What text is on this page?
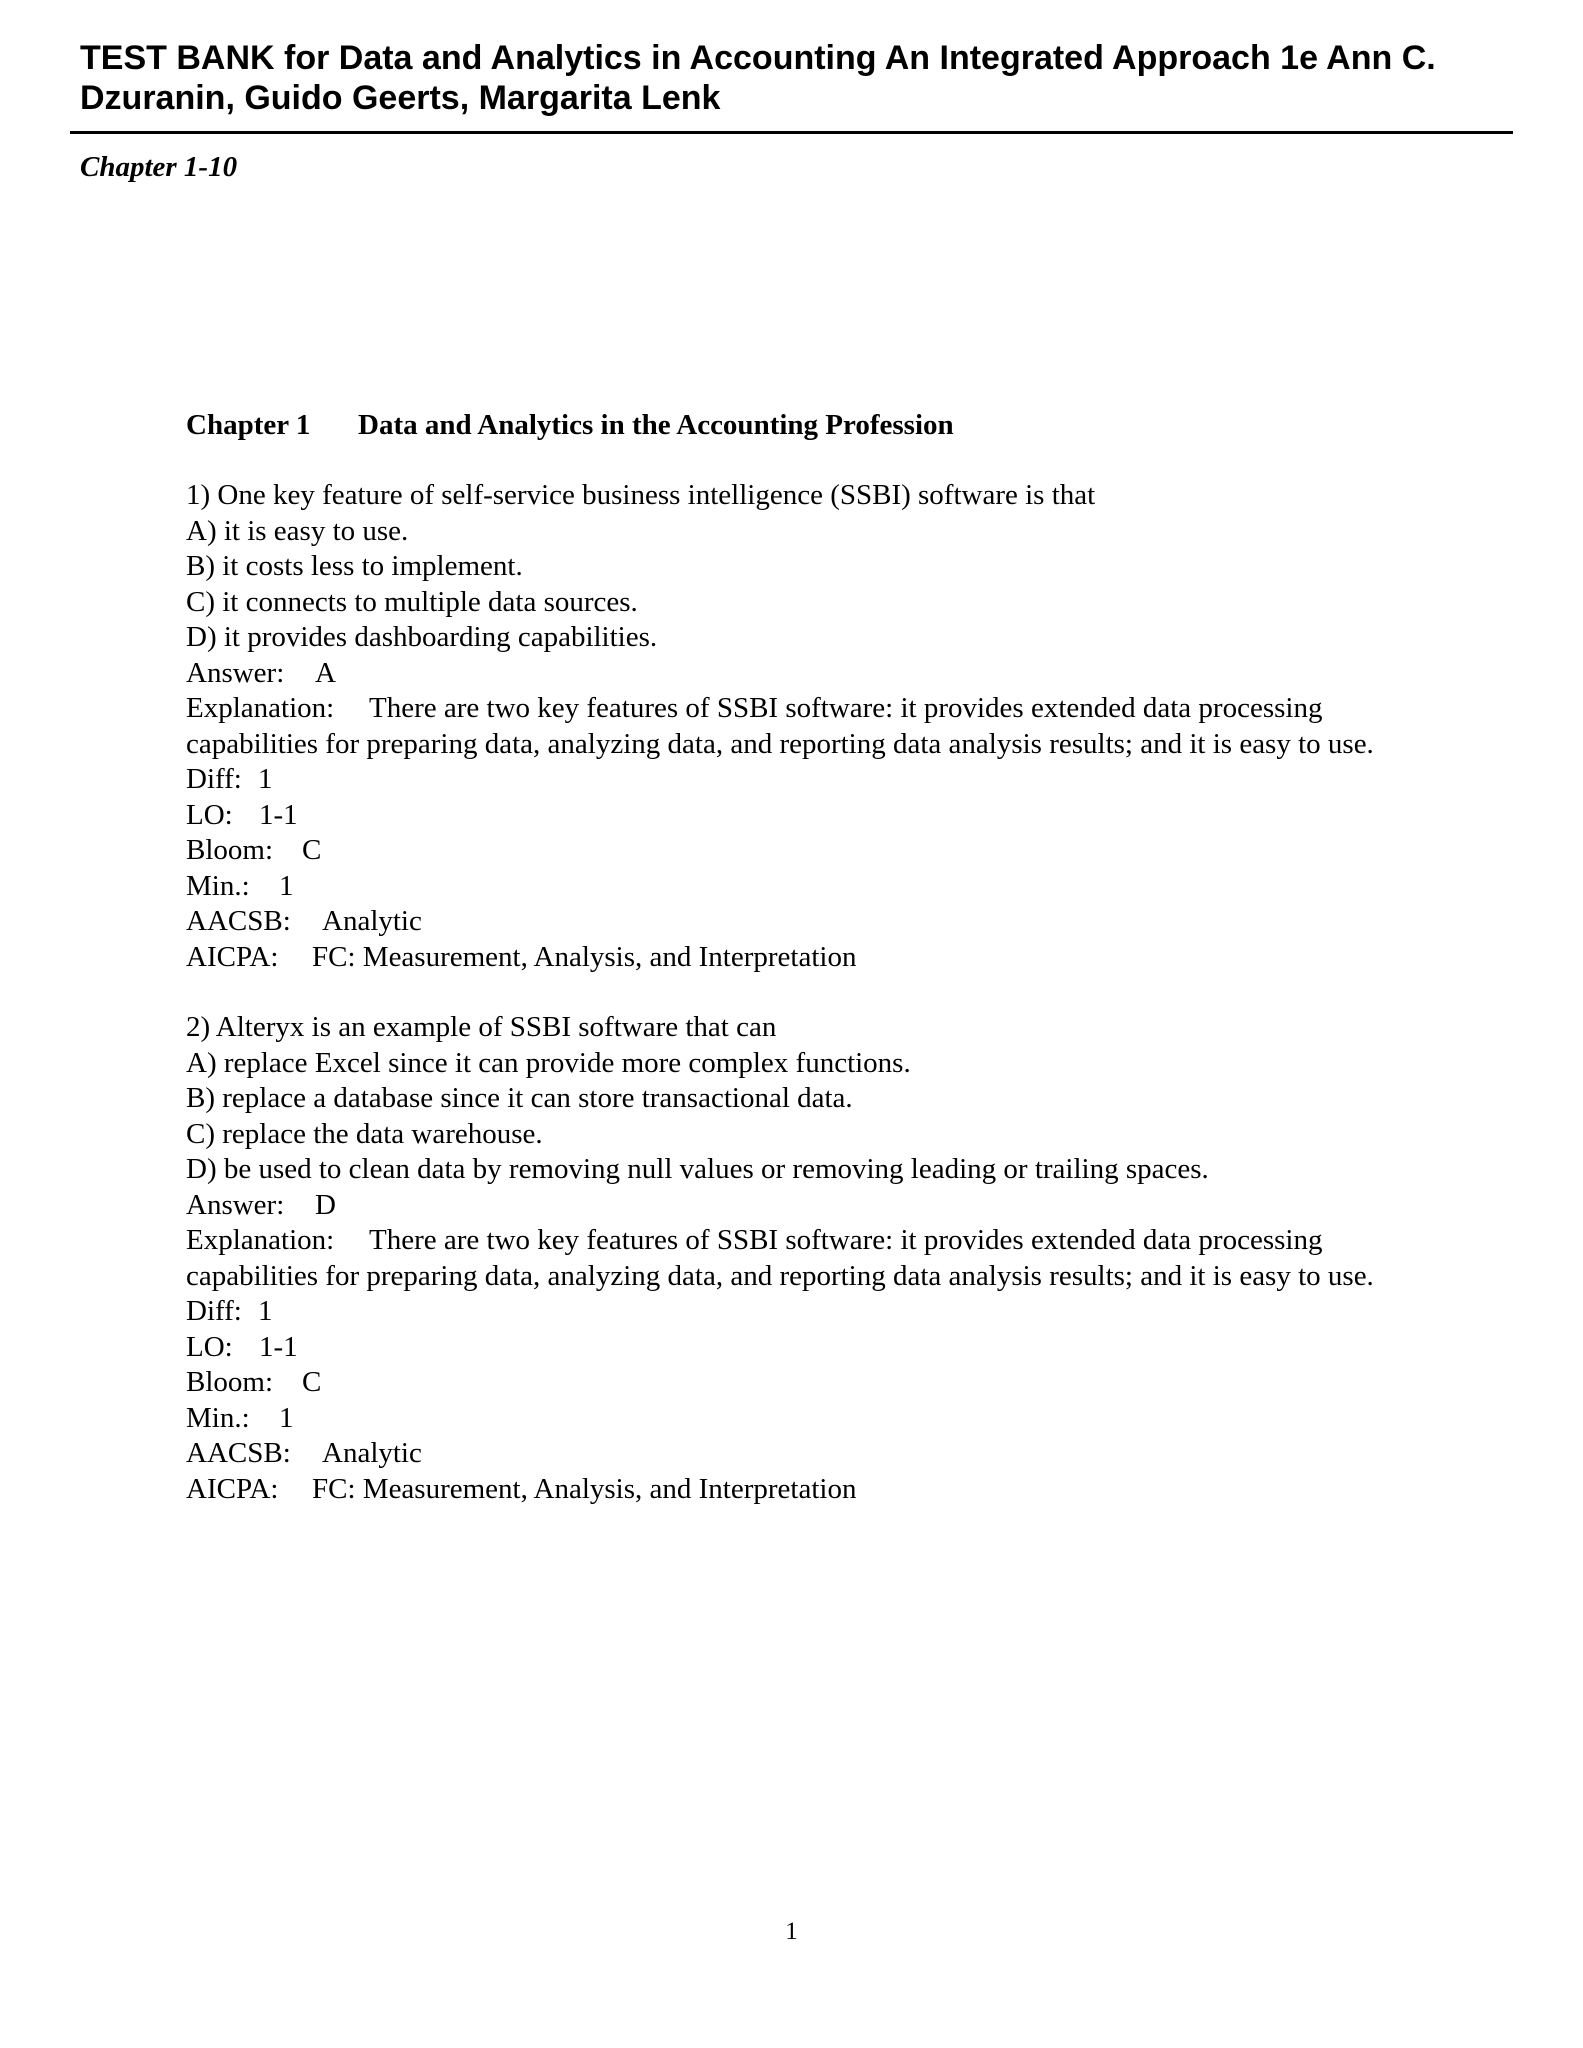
TEST BANK for Data and Analytics in Accounting An Integrated Approach 1e Ann C. Dzuranin, Guido Geerts, Margarita Lenk
Chapter 1-10
Chapter 1 Data and Analytics in the Accounting Profession
1) One key feature of self-service business intelligence (SSBI) software is that
A) it is easy to use.
B) it costs less to implement.
C) it connects to multiple data sources.
D) it provides dashboarding capabilities.
Answer: A
Explanation: There are two key features of SSBI software: it provides extended data processing capabilities for preparing data, analyzing data, and reporting data analysis results; and it is easy to use.
Diff: 1
LO: 1-1
Bloom: C
Min.: 1
AACSB: Analytic
AICPA: FC: Measurement, Analysis, and Interpretation
2) Alteryx is an example of SSBI software that can
A) replace Excel since it can provide more complex functions.
B) replace a database since it can store transactional data.
C) replace the data warehouse.
D) be used to clean data by removing null values or removing leading or trailing spaces.
Answer: D
Explanation: There are two key features of SSBI software: it provides extended data processing capabilities for preparing data, analyzing data, and reporting data analysis results; and it is easy to use.
Diff: 1
LO: 1-1
Bloom: C
Min.: 1
AACSB: Analytic
AICPA: FC: Measurement, Analysis, and Interpretation
1
